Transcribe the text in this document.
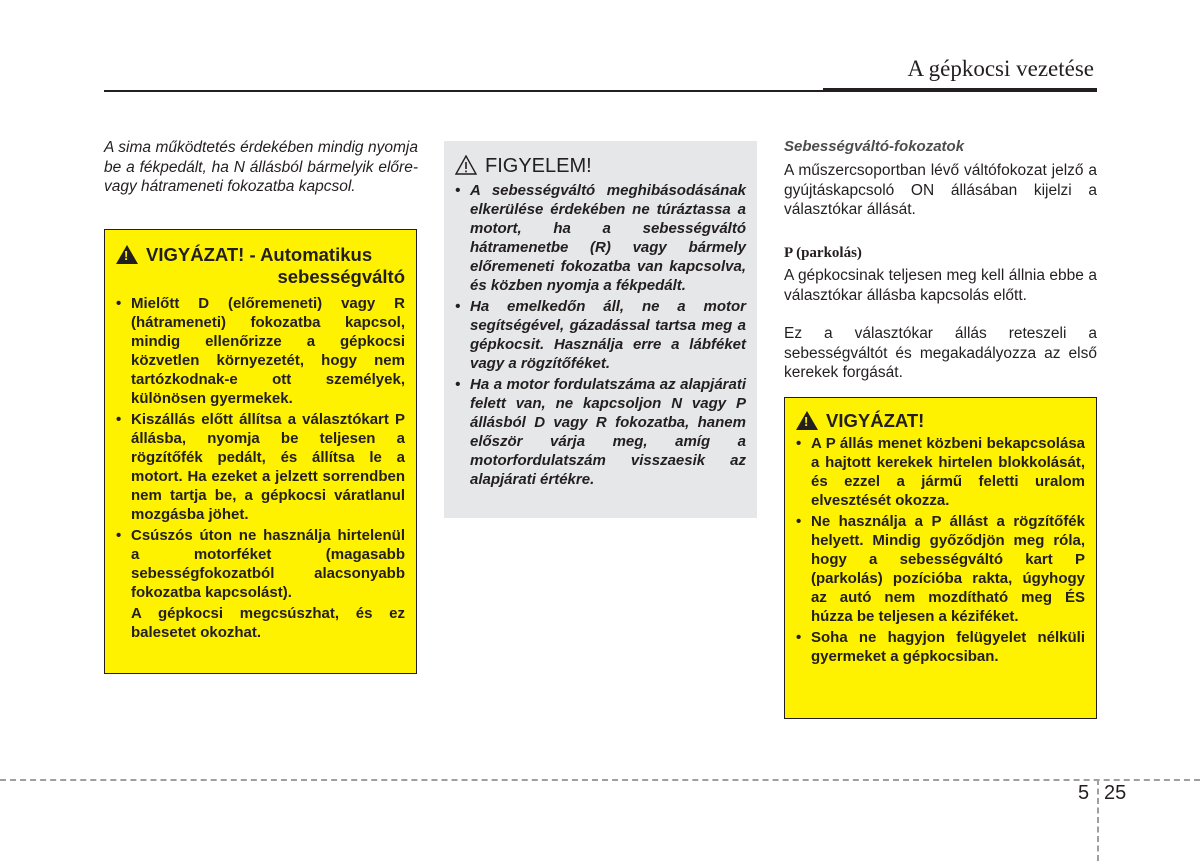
A gépkocsi vezetése
A sima működtetés érdekében mindig nyomja be a fékpedált, ha N állásból bármelyik előre- vagy hátrameneti fokozatba kapcsol.
!
VIGYÁZAT! - Automatikus
sebességváltó
• Mielőtt D (előremeneti) vagy R (hátrameneti) fokozatba kapcsol, mindig ellenőrizze a gépkocsi közvetlen környezetét, hogy nem tartózkodnak-e ott személyek, különösen gyermekek.
• Kiszállás előtt állítsa a választókart P állásba, nyomja be teljesen a rögzítőfék pedált, és állítsa le a motort. Ha ezeket a jelzett sorrendben nem tartja be, a gépkocsi váratlanul mozgásba jöhet.
• Csúszós úton ne használja hirtelenül a motorféket (magasabb sebességfokozatból alacsonyabb fokozatba kapcsolást).
A gépkocsi megcsúszhat, és ez balesetet okozhat.
FIGYELEM!
• A sebességváltó meghibásodásának elkerülése érdekében ne túráztassa a motort, ha a sebességváltó hátramenetbe (R) vagy bármely előremeneti fokozatba van kapcsolva, és közben nyomja a fékpedált.
• Ha emelkedőn áll, ne a motor segítségével, gázadással tartsa meg a gépkocsit. Használja erre a lábféket vagy a rögzítőféket.
• Ha a motor fordulatszáma az alapjárati felett van, ne kapcsoljon N vagy P állásból D vagy R fokozatba, hanem először várja meg, amíg a motorfordulatszám visszaesik az alapjárati értékre.
Sebességváltó-fokozatok
A műszercsoportban lévő váltófokozat jelző a gyújtáskapcsoló ON állásában kijelzi a választókar állását.
P (parkolás)
A gépkocsinak teljesen meg kell állnia ebbe a választókar állásba kapcsolás előtt.
Ez a választókar állás reteszeli a sebességváltót és megakadályozza az első kerekek forgását.
!
VIGYÁZAT!
• A P állás menet közbeni bekapcsolása a hajtott kerekek hirtelen blokkolását, és ezzel a jármű feletti uralom elvesztését okozza.
• Ne használja a P állást a rögzítőfék helyett. Mindig győződjön meg róla, hogy a sebességváltó kart P (parkolás) pozícióba rakta, úgyhogy az autó nem mozdítható meg ÉS húzza be teljesen a kéziféket.
• Soha ne hagyjon felügyelet nélküli gyermeket a gépkocsiban.
5 25
